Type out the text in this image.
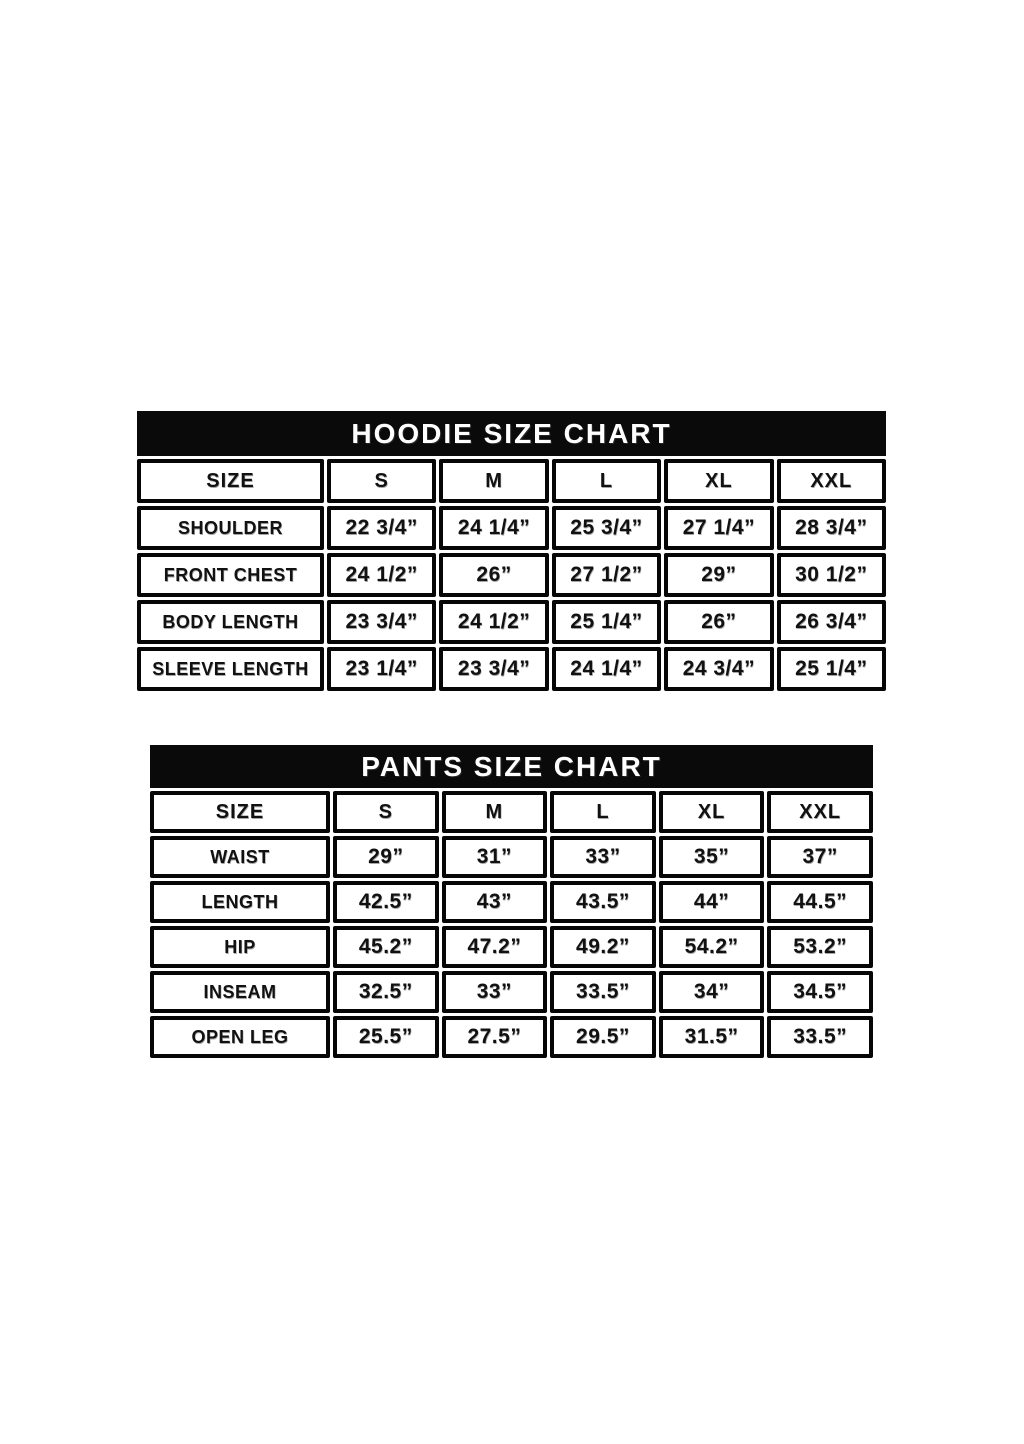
HOODIE SIZE CHART
SIZE	S	M	L	XL	XXL
SHOULDER	22 3/4”	24 1/4”	25 3/4”	27 1/4”	28 3/4”
FRONT CHEST	24 1/2”	26”	27 1/2”	29”	30 1/2”
BODY LENGTH	23 3/4”	24 1/2”	25 1/4”	26”	26 3/4”
SLEEVE LENGTH	23 1/4”	23 3/4”	24 1/4”	24 3/4”	25 1/4”
PANTS SIZE CHART
SIZE	S	M	L	XL	XXL
WAIST	29”	31”	33”	35”	37”
LENGTH	42.5”	43”	43.5”	44”	44.5”
HIP	45.2”	47.2”	49.2”	54.2”	53.2”
INSEAM	32.5”	33”	33.5”	34”	34.5”
OPEN LEG	25.5”	27.5”	29.5”	31.5”	33.5”
